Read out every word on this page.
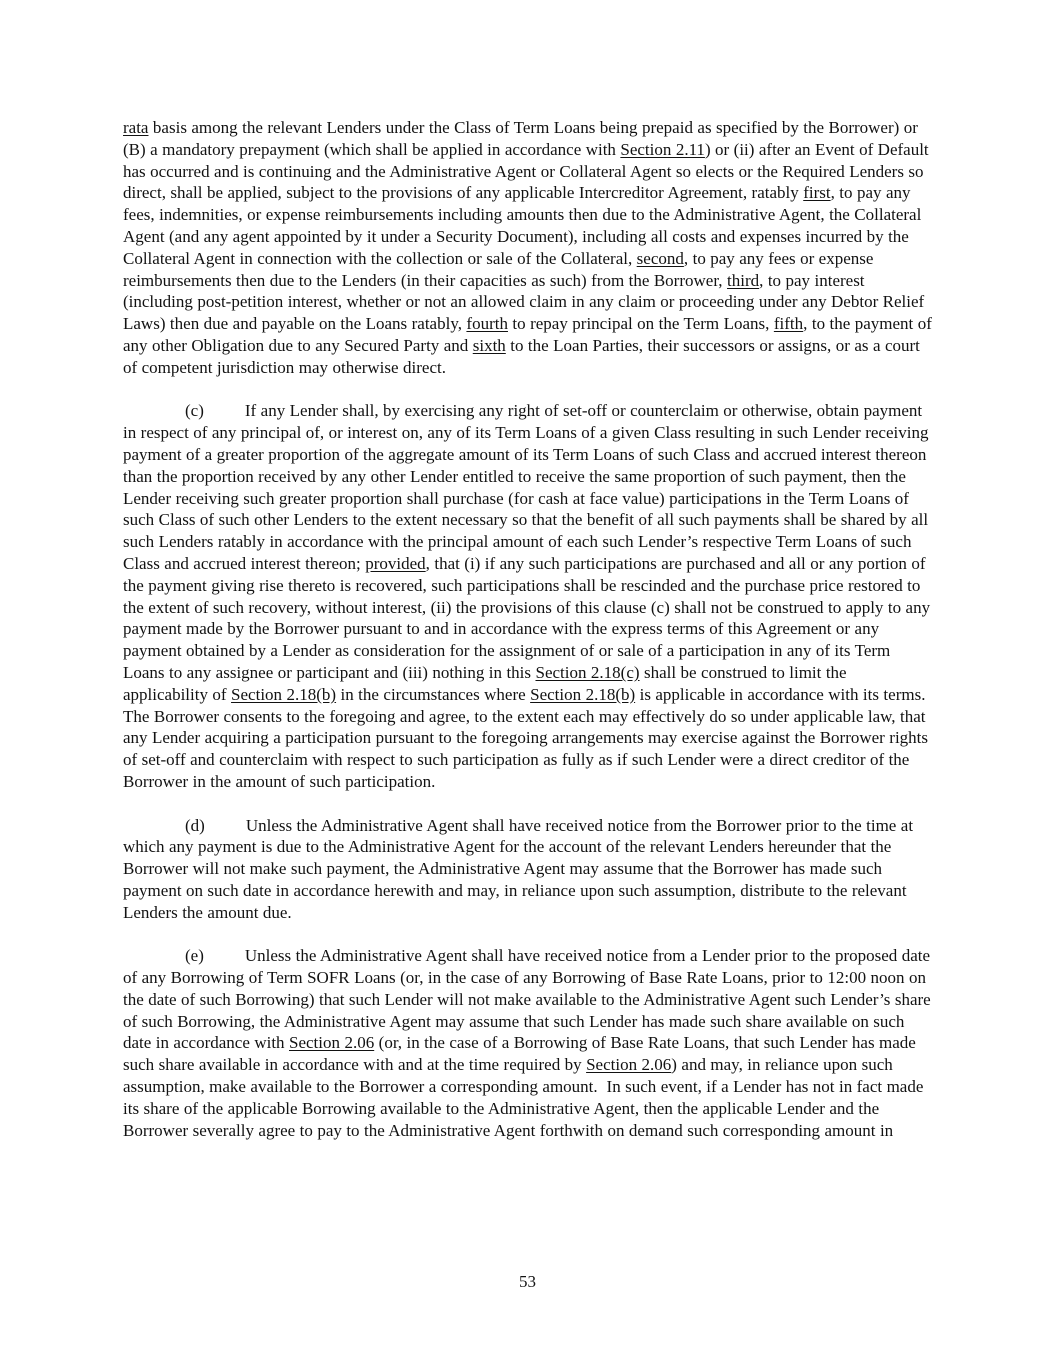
rata basis among the relevant Lenders under the Class of Term Loans being prepaid as specified by the Borrower) or (B) a mandatory prepayment (which shall be applied in accordance with Section 2.11) or (ii) after an Event of Default has occurred and is continuing and the Administrative Agent or Collateral Agent so elects or the Required Lenders so direct, shall be applied, subject to the provisions of any applicable Intercreditor Agreement, ratably first, to pay any fees, indemnities, or expense reimbursements including amounts then due to the Administrative Agent, the Collateral Agent (and any agent appointed by it under a Security Document), including all costs and expenses incurred by the Collateral Agent in connection with the collection or sale of the Collateral, second, to pay any fees or expense reimbursements then due to the Lenders (in their capacities as such) from the Borrower, third, to pay interest (including post-petition interest, whether or not an allowed claim in any claim or proceeding under any Debtor Relief Laws) then due and payable on the Loans ratably, fourth to repay principal on the Term Loans, fifth, to the payment of any other Obligation due to any Secured Party and sixth to the Loan Parties, their successors or assigns, or as a court of competent jurisdiction may otherwise direct.

(c) If any Lender shall, by exercising any right of set-off or counterclaim or otherwise, obtain payment in respect of any principal of, or interest on, any of its Term Loans of a given Class resulting in such Lender receiving payment of a greater proportion of the aggregate amount of its Term Loans of such Class and accrued interest thereon than the proportion received by any other Lender entitled to receive the same proportion of such payment, then the Lender receiving such greater proportion shall purchase (for cash at face value) participations in the Term Loans of such Class of such other Lenders to the extent necessary so that the benefit of all such payments shall be shared by all such Lenders ratably in accordance with the principal amount of each such Lender’s respective Term Loans of such Class and accrued interest thereon; provided, that (i) if any such participations are purchased and all or any portion of the payment giving rise thereto is recovered, such participations shall be rescinded and the purchase price restored to the extent of such recovery, without interest, (ii) the provisions of this clause (c) shall not be construed to apply to any payment made by the Borrower pursuant to and in accordance with the express terms of this Agreement or any payment obtained by a Lender as consideration for the assignment of or sale of a participation in any of its Term Loans to any assignee or participant and (iii) nothing in this Section 2.18(c) shall be construed to limit the applicability of Section 2.18(b) in the circumstances where Section 2.18(b) is applicable in accordance with its terms.  The Borrower consents to the foregoing and agree, to the extent each may effectively do so under applicable law, that any Lender acquiring a participation pursuant to the foregoing arrangements may exercise against the Borrower rights of set-off and counterclaim with respect to such participation as fully as if such Lender were a direct creditor of the Borrower in the amount of such participation.

(d) Unless the Administrative Agent shall have received notice from the Borrower prior to the time at which any payment is due to the Administrative Agent for the account of the relevant Lenders hereunder that the Borrower will not make such payment, the Administrative Agent may assume that the Borrower has made such payment on such date in accordance herewith and may, in reliance upon such assumption, distribute to the relevant Lenders the amount due.

(e) Unless the Administrative Agent shall have received notice from a Lender prior to the proposed date of any Borrowing of Term SOFR Loans (or, in the case of any Borrowing of Base Rate Loans, prior to 12:00 noon on the date of such Borrowing) that such Lender will not make available to the Administrative Agent such Lender’s share of such Borrowing, the Administrative Agent may assume that such Lender has made such share available on such date in accordance with Section 2.06 (or, in the case of a Borrowing of Base Rate Loans, that such Lender has made such share available in accordance with and at the time required by Section 2.06) and may, in reliance upon such assumption, make available to the Borrower a corresponding amount.  In such event, if a Lender has not in fact made its share of the applicable Borrowing available to the Administrative Agent, then the applicable Lender and the Borrower severally agree to pay to the Administrative Agent forthwith on demand such corresponding amount in

53
